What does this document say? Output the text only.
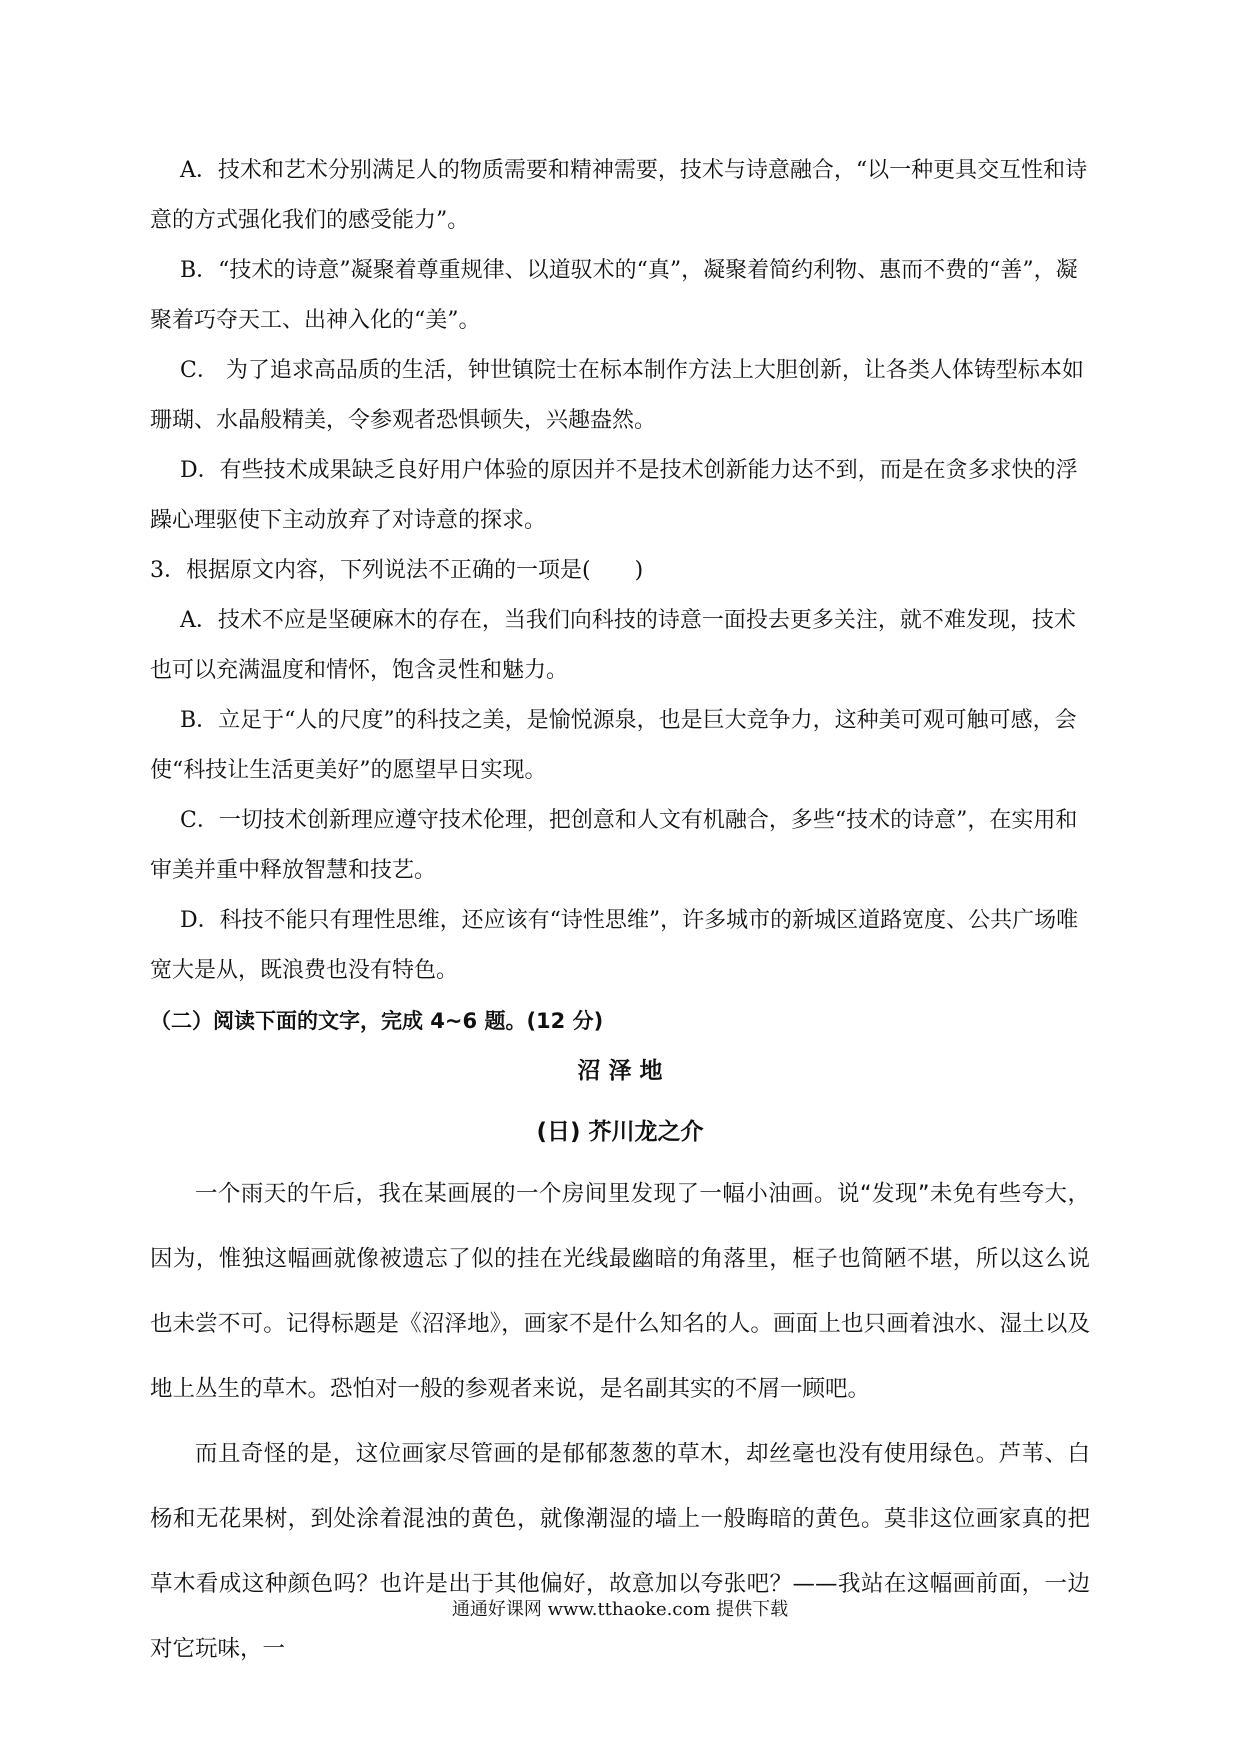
A．技术和艺术分别满足人的物质需要和精神需要，技术与诗意融合，“以一种更具交互性和诗意的方式强化我们的感受能力”。

B．“技术的诗意”凝聚着尊重规律、以道驭术的“真”，凝聚着简约利物、惠而不费的“善”，凝聚着巧夺天工、出神入化的“美”。

C． 为了追求高品质的生活，钟世镇院士在标本制作方法上大胆创新，让各类人体铸型标本如珊瑚、水晶般精美，令参观者恐惧顿失，兴趣盎然。

D．有些技术成果缺乏良好用户体验的原因并不是技术创新能力达不到，而是在贪多求快的浮躁心理驱使下主动放弃了对诗意的探求。

3．根据原文内容，下列说法不正确的一项是(　　)

A．技术不应是坚硬麻木的存在，当我们向科技的诗意一面投去更多关注，就不难发现，技术也可以充满温度和情怀，饱含灵性和魅力。

B．立足于“人的尺度”的科技之美，是愉悦源泉，也是巨大竞争力，这种美可观可触可感，会使“科技让生活更美好”的愿望早日实现。

C．一切技术创新理应遵守技术伦理，把创意和人文有机融合，多些“技术的诗意”，在实用和审美并重中释放智慧和技艺。

D．科技不能只有理性思维，还应该有“诗性思维”，许多城市的新城区道路宽度、公共广场唯宽大是从，既浪费也没有特色。

（二）阅读下面的文字，完成 4~6 题。(12 分)

沼 泽 地

(日) 芥川龙之介

一个雨天的午后，我在某画展的一个房间里发现了一幅小油画。说“发现”未免有些夸大，因为，惟独这幅画就像被遗忘了似的挂在光线最幽暗的角落里，框子也简陋不堪，所以这么说也未尝不可。记得标题是《沼泽地》，画家不是什么知名的人。画面上也只画着浊水、湿土以及地上丛生的草木。恐怕对一般的参观者来说，是名副其实的不屑一顾吧。

而且奇怪的是，这位画家尽管画的是郁郁葱葱的草木，却丝毫也没有使用绿色。芦苇、白杨和无花果树，到处涂着混浊的黄色，就像潮湿的墙上一般晦暗的黄色。莫非这位画家真的把草木看成这种颜色吗？也许是出于其他偏好，故意加以夸张吧？——我站在这幅画前面，一边对它玩味，一

通通好课网 www.tthaoke.com 提供下载
